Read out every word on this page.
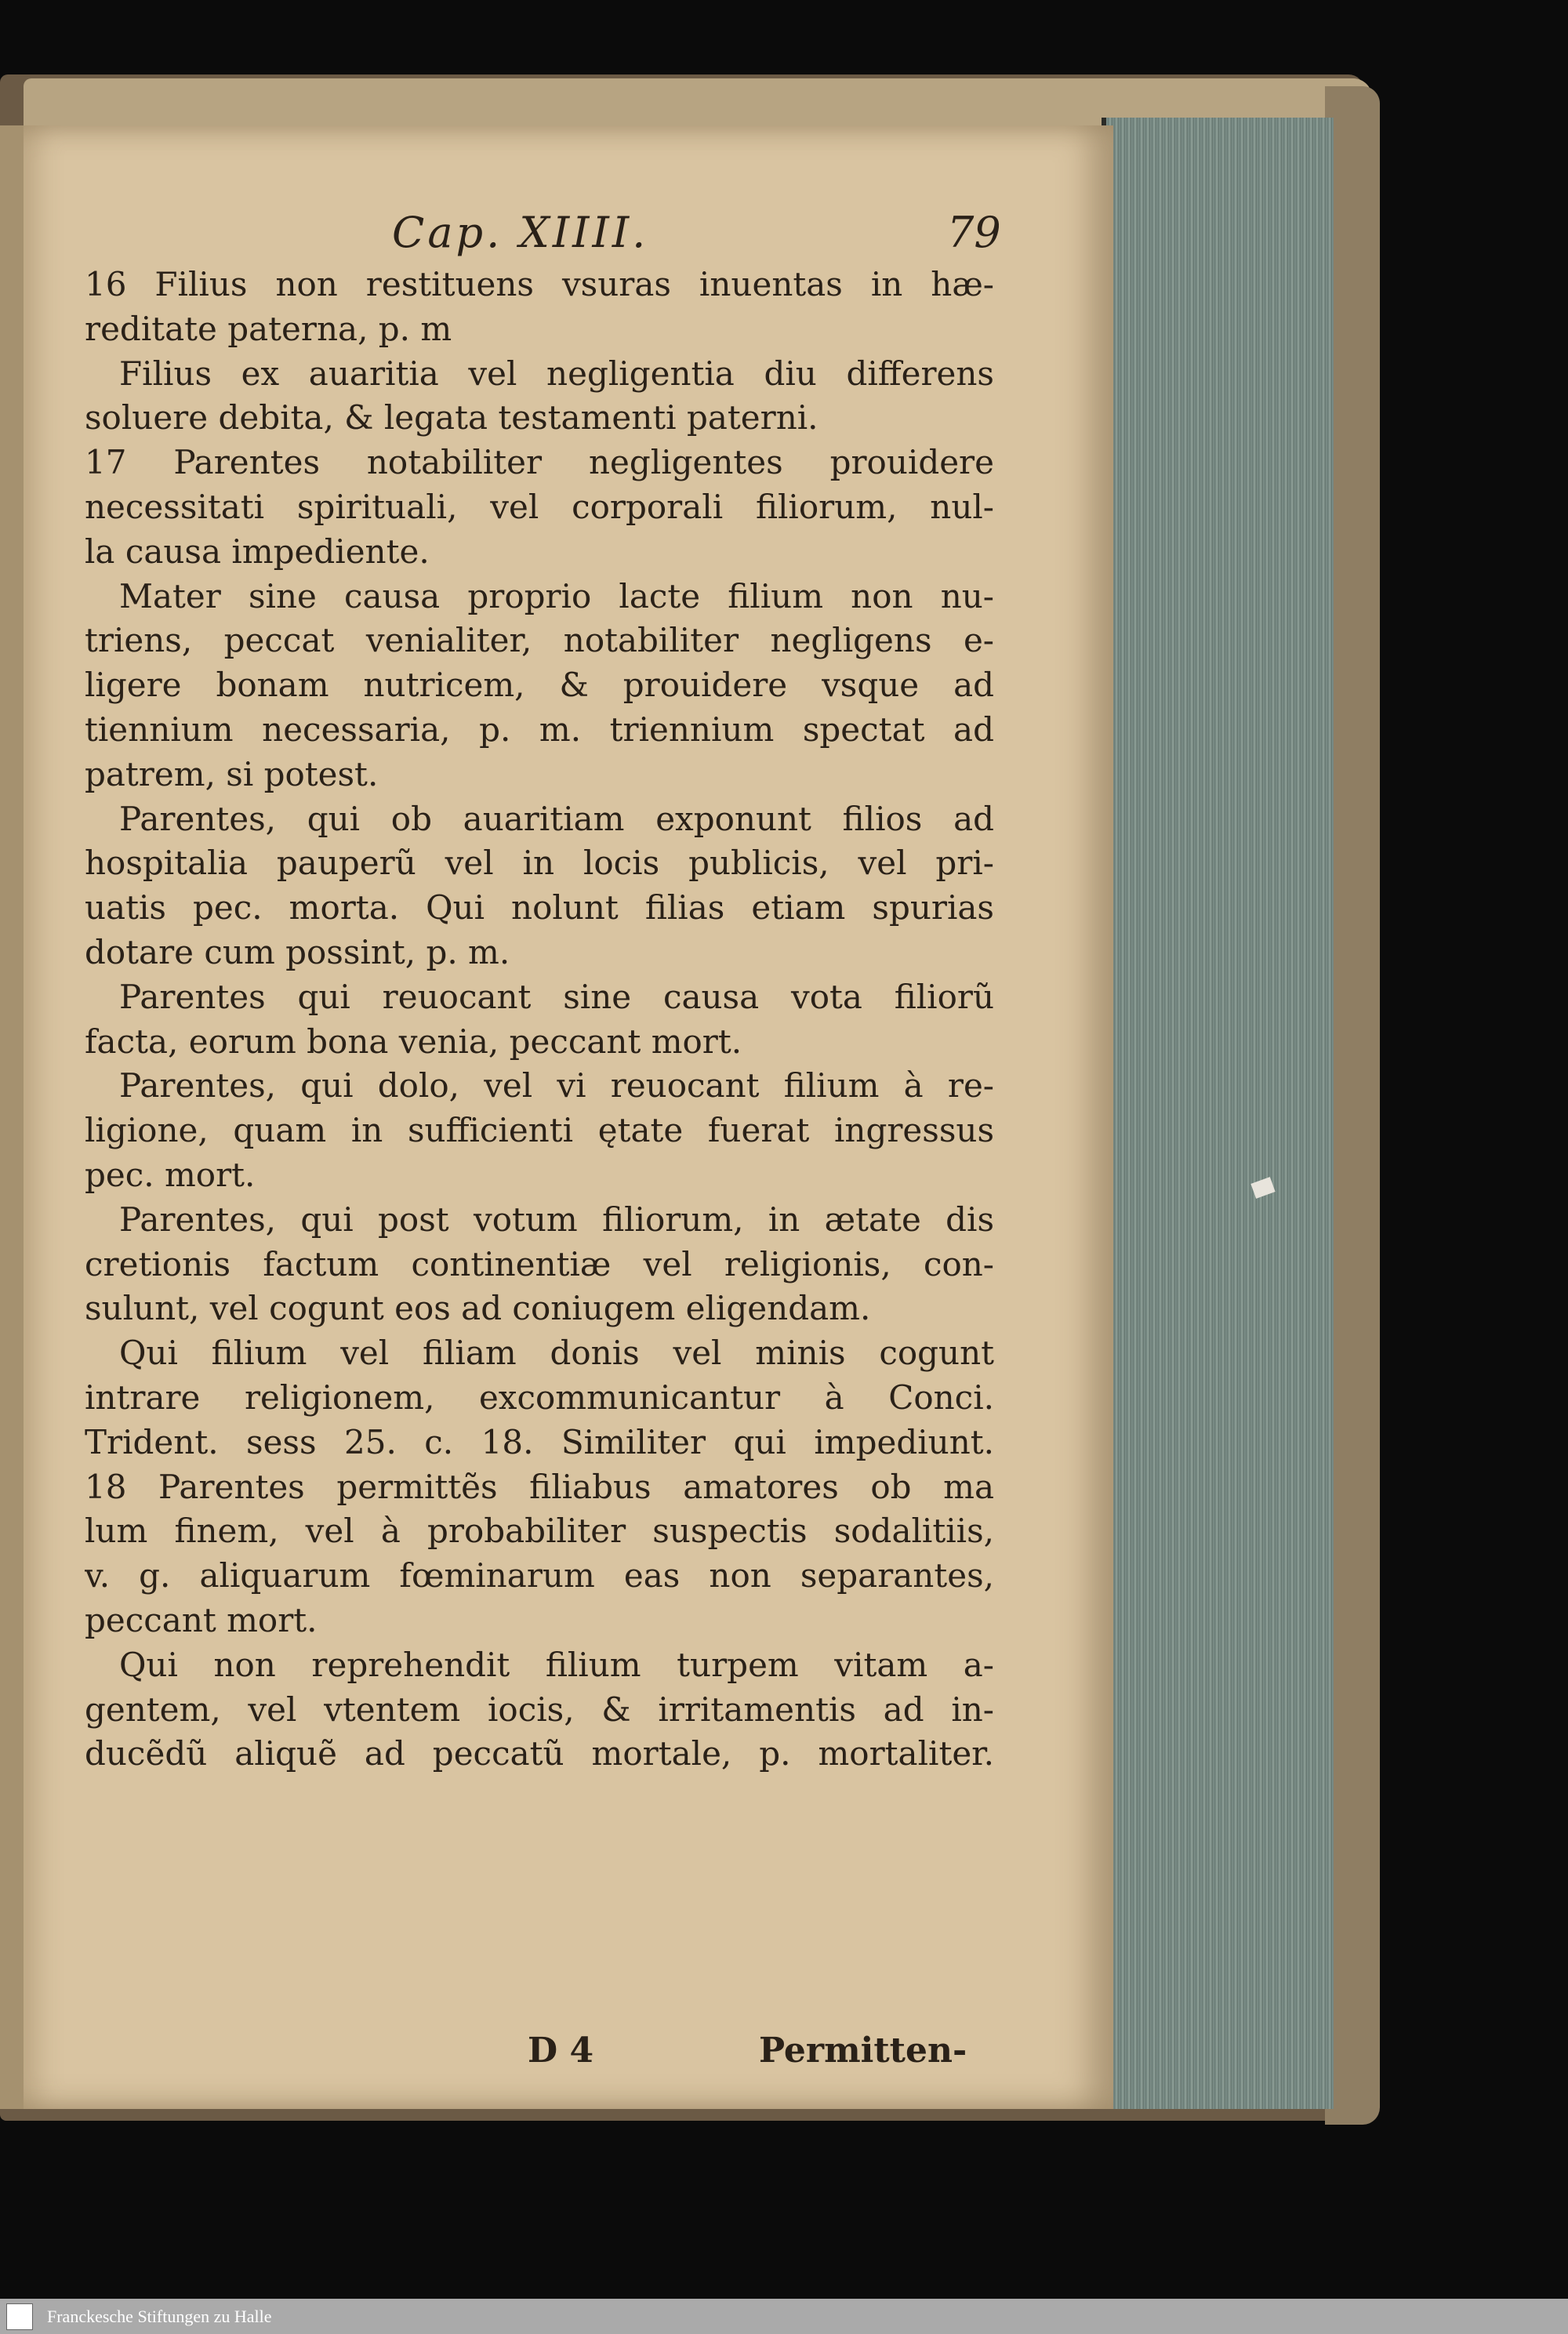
Cap. XIIII.	79
16 Filius non restituens vsuras inuentas in hæ-
reditate paterna, p. m
Filius ex auaritia vel negligentia diu differens
soluere debita, & legata testamenti paterni.
17 Parentes notabiliter negligentes prouidere
necessitati spirituali, vel corporali filiorum, nul-
la causa impediente.
Mater sine causa proprio lacte filium non nu-
triens, peccat venialiter, notabiliter negligens e-
ligere bonam nutricem, & prouidere vsque ad
tiennium necessaria, p. m. triennium spectat ad
patrem, si potest.
Parentes, qui ob auaritiam exponunt filios ad
hospitalia pauperũ vel in locis publicis, vel pri-
uatis pec. morta. Qui nolunt filias etiam spurias
dotare cum possint, p. m.
Parentes qui reuocant sine causa vota filiorũ
facta, eorum bona venia, peccant mort.
Parentes, qui dolo, vel vi reuocant filium à re-
ligione, quam in sufficienti ętate fuerat ingressus
pec. mort.
Parentes, qui post votum filiorum, in ætate dis
cretionis factum continentiæ vel religionis, con-
sulunt, vel cogunt eos ad coniugem eligendam.
Qui filium vel filiam donis vel minis cogunt
intrare religionem, excommunicantur à Conci.
Trident. sess 25. c. 18. Similiter qui impediunt.
18 Parentes permittẽs filiabus amatores ob ma
lum finem, vel à probabiliter suspectis sodalitiis,
v. g. aliquarum fœminarum eas non separantes,
peccant mort.
Qui non reprehendit filium turpem vitam a-
gentem, vel vtentem iocis, & irritamentis ad in-
ducẽdũ aliquẽ ad peccatũ mortale, p. mortaliter.
D 4	Permitten-
Franckesche Stiftungen zu Halle
